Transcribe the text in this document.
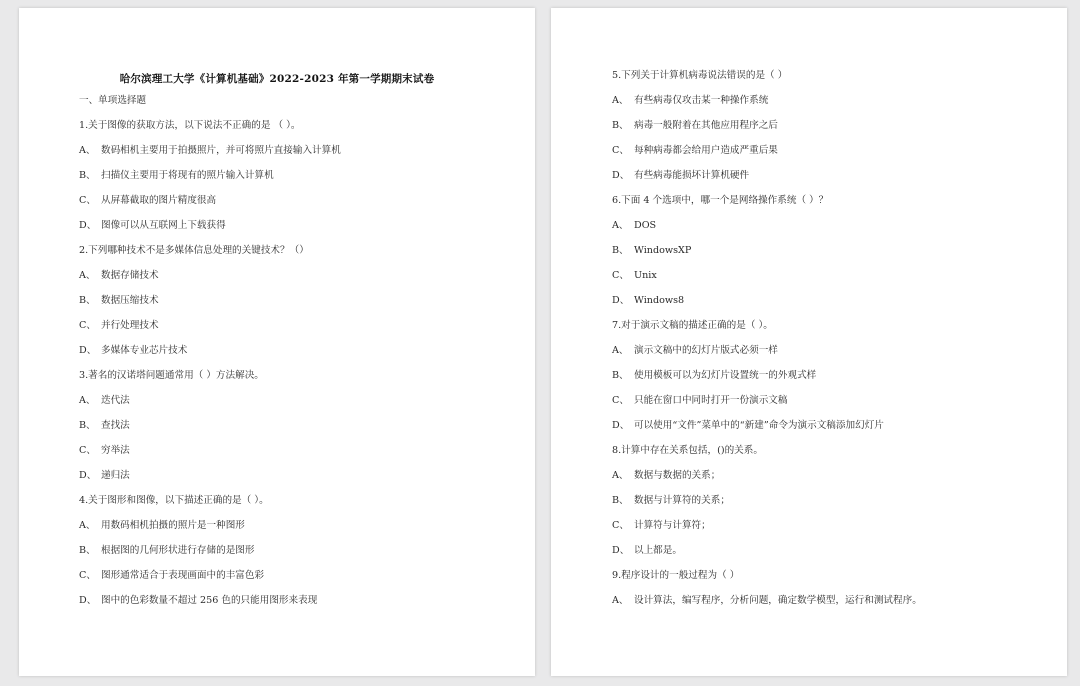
哈尔滨理工大学《计算机基础》2022-2023 年第一学期期末试卷
一、单项选择题
1.关于图像的获取方法，以下说法不正确的是 （ ）。
A、 数码相机主要用于拍摄照片，并可将照片直接输入计算机
B、 扫描仪主要用于将现有的照片输入计算机
C、 从屏幕截取的图片精度很高
D、 图像可以从互联网上下载获得
2.下列哪种技术不是多媒体信息处理的关键技术？（）
A、 数据存储技术
B、 数据压缩技术
C、 并行处理技术
D、 多媒体专业芯片技术
3.著名的汉诺塔问题通常用（ ）方法解决。
A、 迭代法
B、 查找法
C、 穷举法
D、 递归法
4.关于图形和图像，以下描述正确的是（ ）。
A、 用数码相机拍摄的照片是一种图形
B、 根据图的几何形状进行存储的是图形
C、 图形通常适合于表现画面中的丰富色彩
D、 图中的色彩数量不超过 256 色的只能用图形来表现
5.下列关于计算机病毒说法错误的是（ ）
A、 有些病毒仅攻击某一种操作系统
B、 病毒一般附着在其他应用程序之后
C、 每种病毒都会给用户造成严重后果
D、 有些病毒能损坏计算机硬件
6.下面 4 个选项中，哪一个是网络操作系统（ ）？
A、 DOS
B、 WindowsXP
C、 Unix
D、 Windows8
7.对于演示文稿的描述正确的是（ ）。
A、 演示文稿中的幻灯片版式必须一样
B、 使用模板可以为幻灯片设置统一的外观式样
C、 只能在窗口中同时打开一份演示文稿
D、 可以使用“文件”菜单中的“新建”命令为演示文稿添加幻灯片
8.计算中存在关系包括，()的关系。
A、 数据与数据的关系；
B、 数据与计算符的关系；
C、 计算符与计算符；
D、 以上都是。
9.程序设计的一般过程为（ ）
A、 设计算法，编写程序，分析问题，确定数学模型，运行和测试程序。
